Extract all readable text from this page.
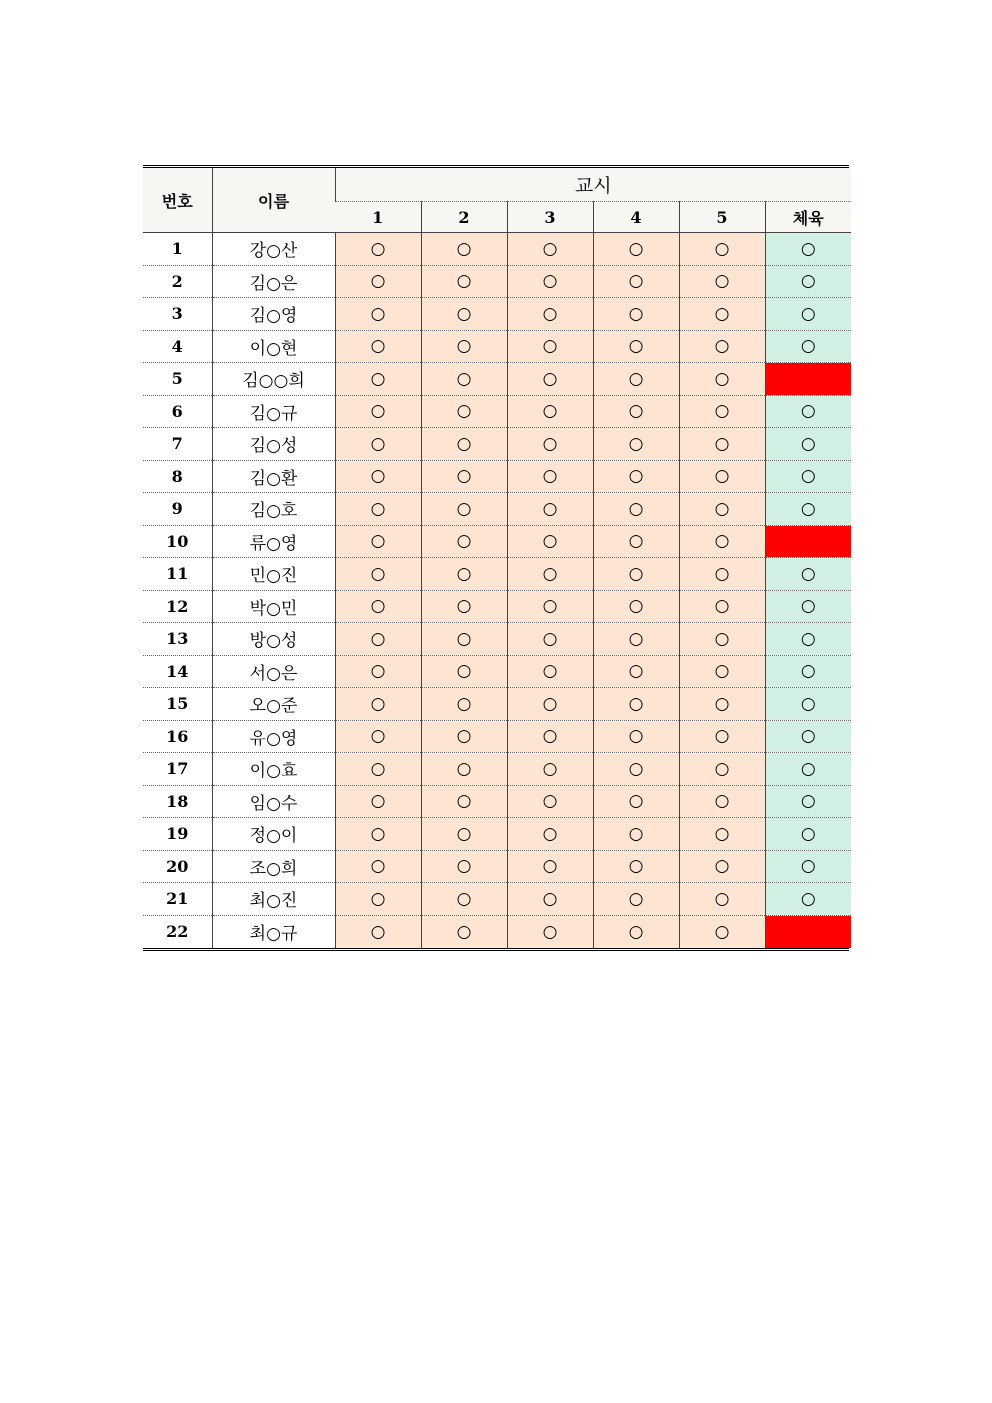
번호	이름	교시					
		1	2	3	4	5	체육
1	강○산	○	○	○	○	○	○
2	김○은	○	○	○	○	○	○
3	김○영	○	○	○	○	○	○
4	이○현	○	○	○	○	○	○
5	김○○희	○	○	○	○	○	
6	김○규	○	○	○	○	○	○
7	김○성	○	○	○	○	○	○
8	김○환	○	○	○	○	○	○
9	김○호	○	○	○	○	○	○
10	류○영	○	○	○	○	○	
11	민○진	○	○	○	○	○	○
12	박○민	○	○	○	○	○	○
13	방○성	○	○	○	○	○	○
14	서○은	○	○	○	○	○	○
15	오○준	○	○	○	○	○	○
16	유○영	○	○	○	○	○	○
17	이○효	○	○	○	○	○	○
18	임○수	○	○	○	○	○	○
19	정○이	○	○	○	○	○	○
20	조○희	○	○	○	○	○	○
21	최○진	○	○	○	○	○	○
22	최○규	○	○	○	○	○	
